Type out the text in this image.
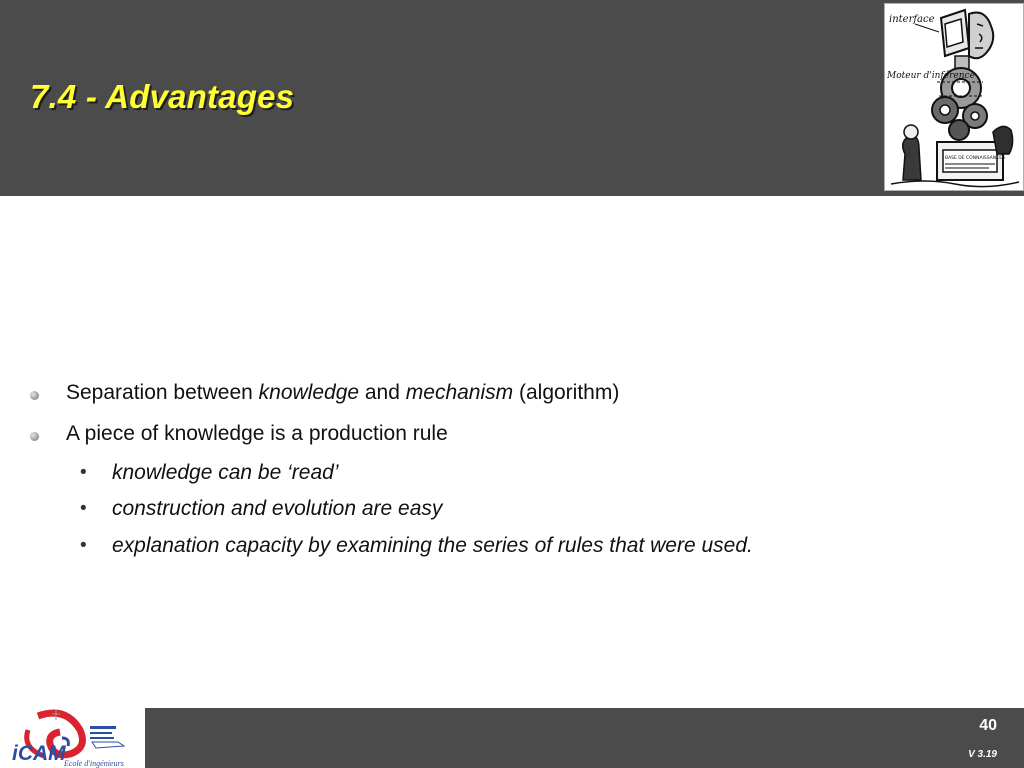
7.4 - Advantages
interface
Moteur d'inférence
BASE DE CONNAISSANCES
Separation between knowledge and mechanism (algorithm)
A piece of knowledge is a production rule
• knowledge can be ‘read’
• construction and evolution are easy
• explanation capacity by examining the series of rules that were used.
iCAM
Ecole d'ingénieurs
40
V 3.19
